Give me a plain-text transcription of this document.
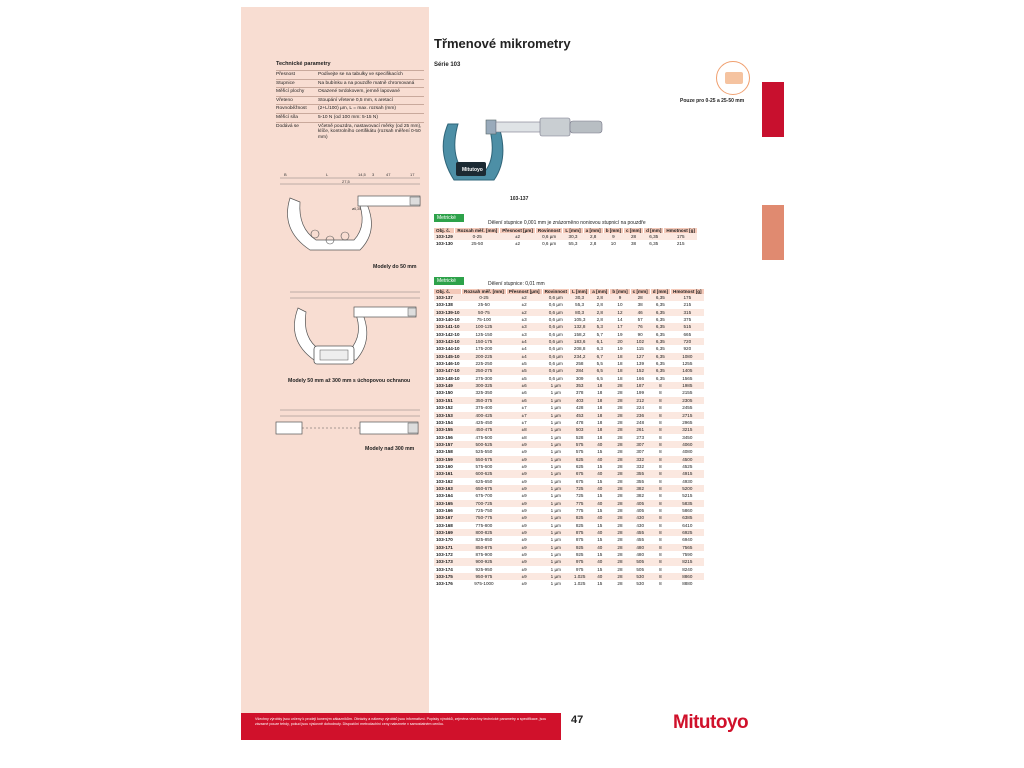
Technické parametry
Přesnost	Podívejte se na tabulky ve specifikacích
Stupnice	Na bubínku a na pouzdře matně chromovaná
Měřicí plochy	Osazené tvrdokovem, jemně lapované
Vřeteno	Stoupání vřetene 0,5 mm, s aretací
Rovnoběžnost	(2+L/100) µm, L = max. rozsah (mm)
Měřicí síla	5-10 N (od 100 mm: 5-15 N)
Dodává se	Včetně pouzdra, nastavovací měrky (od 25 mm), klíče, kontrolního certifikátu (rozsah měření 0-50 mm)
B	L	14,5 3	47	17
27,5
ø6,35
Modely do 50 mm
Modely 50 mm až 300 mm s úchopovou ochranou
Modely nad 300 mm
Třmenové mikrometry
Série 103
Pouze pro 0-25 a 25-50 mm
Mitutoyo
103-137
Metrické
Dělení stupnice 0,001 mm je znázorněno noniovou stupnicí na pouzdře
Obj. č.	Rozsah měř. [mm]	Přesnost [µm]	Rovinnost	L [mm]	a [mm]	b [mm]	c [mm]	d [mm]	Hmotnost [g]
103-129	0-25	±2	0,6 µm	30,3	2,8	9	28	6,35	175
103-130	25-50	±2	0,6 µm	55,3	2,8	10	38	6,35	215
Metrické	Dělení stupnice: 0,01 mm
Obj. č.	Rozsah měř. [mm]	Přesnost [µm]	Rovinnost	L [mm]	a [mm]	b [mm]	c [mm]	d [mm]	Hmotnost [g]
103-137	0-25	±2	0,6 µm	30,3	2,8	9	28	6,35	175
103-138	25-50	±2	0,6 µm	55,3	2,8	10	38	6,35	215
103-139-10	50-75	±2	0,6 µm	80,3	2,8	12	46	6,35	315
103-140-10	75-100	±3	0,6 µm	105,3	2,8	14	57	6,35	375
103-141-10	100-125	±3	0,6 µm	132,8	5,3	17	76	6,35	515
103-142-10	125-150	±3	0,6 µm	158,2	5,7	19	90	6,35	665
103-143-10	150-175	±4	0,6 µm	183,6	6,1	20	102	6,35	720
103-144-10	175-200	±4	0,6 µm	208,8	6,3	19	115	6,35	920
103-145-10	200-225	±4	0,6 µm	234,2	6,7	18	127	6,35	1080
103-146-10	225-250	±5	0,6 µm	258	5,5	18	139	6,35	1255
103-147-10	250-275	±5	0,6 µm	284	6,5	18	152	6,35	1405
103-148-10	275-300	±5	0,6 µm	309	6,5	18	166	6,35	1565
103-149	300-325	±6	1 µm	353	18	28	187	8	1985
103-150	325-350	±6	1 µm	378	18	28	199	8	2155
103-151	350-375	±6	1 µm	403	18	28	212	8	2305
103-152	375-400	±7	1 µm	428	18	28	224	8	2455
103-153	400-425	±7	1 µm	453	18	28	236	8	2715
103-154	425-450	±7	1 µm	478	18	28	248	8	2965
103-155	450-475	±8	1 µm	503	18	28	261	8	3215
103-156	475-500	±8	1 µm	528	18	28	273	8	3450
103-157	500-525	±9	1 µm	575	40	28	307	8	4060
103-158	525-550	±9	1 µm	575	15	28	307	8	4080
103-159	550-575	±9	1 µm	625	40	28	332	8	4500
103-160	575-600	±9	1 µm	625	15	28	332	8	4525
103-161	600-625	±9	1 µm	675	40	28	355	8	4915
103-162	625-650	±9	1 µm	675	15	28	355	8	4930
103-163	650-675	±9	1 µm	725	40	28	382	8	5200
103-164	675-700	±9	1 µm	725	15	28	382	8	5215
103-165	700-725	±9	1 µm	775	40	28	405	8	5835
103-166	725-750	±9	1 µm	775	15	28	405	8	5860
103-167	750-775	±9	1 µm	825	40	28	430	8	6385
103-168	775-800	±9	1 µm	825	15	28	430	8	6410
103-169	800-825	±9	1 µm	875	40	28	455	8	6925
103-170	825-850	±9	1 µm	875	15	28	455	8	6940
103-171	850-875	±9	1 µm	925	40	28	480	8	7565
103-172	875-900	±9	1 µm	925	15	28	480	8	7590
103-173	900-925	±9	1 µm	975	40	28	505	8	8215
103-174	925-950	±9	1 µm	975	15	28	505	8	8240
103-175	950-975	±9	1 µm	1.025	40	28	530	8	8860
103-176	975-1000	±9	1 µm	1.025	15	28	530	8	8880
Všechny výrobky jsou určeny k prodeji koneným zákazníkům. Obrázky a nákresy výrobků jsou informativní. Popisky výrobků, zejména všechny technické parametry a specifikace, jsou závazné pouze tehdy, pokud jsou výslovně dohodnuty. Dispoziční metrodachiní ceny naleznete v samostatném ceníku.	47	Mitutoyo
